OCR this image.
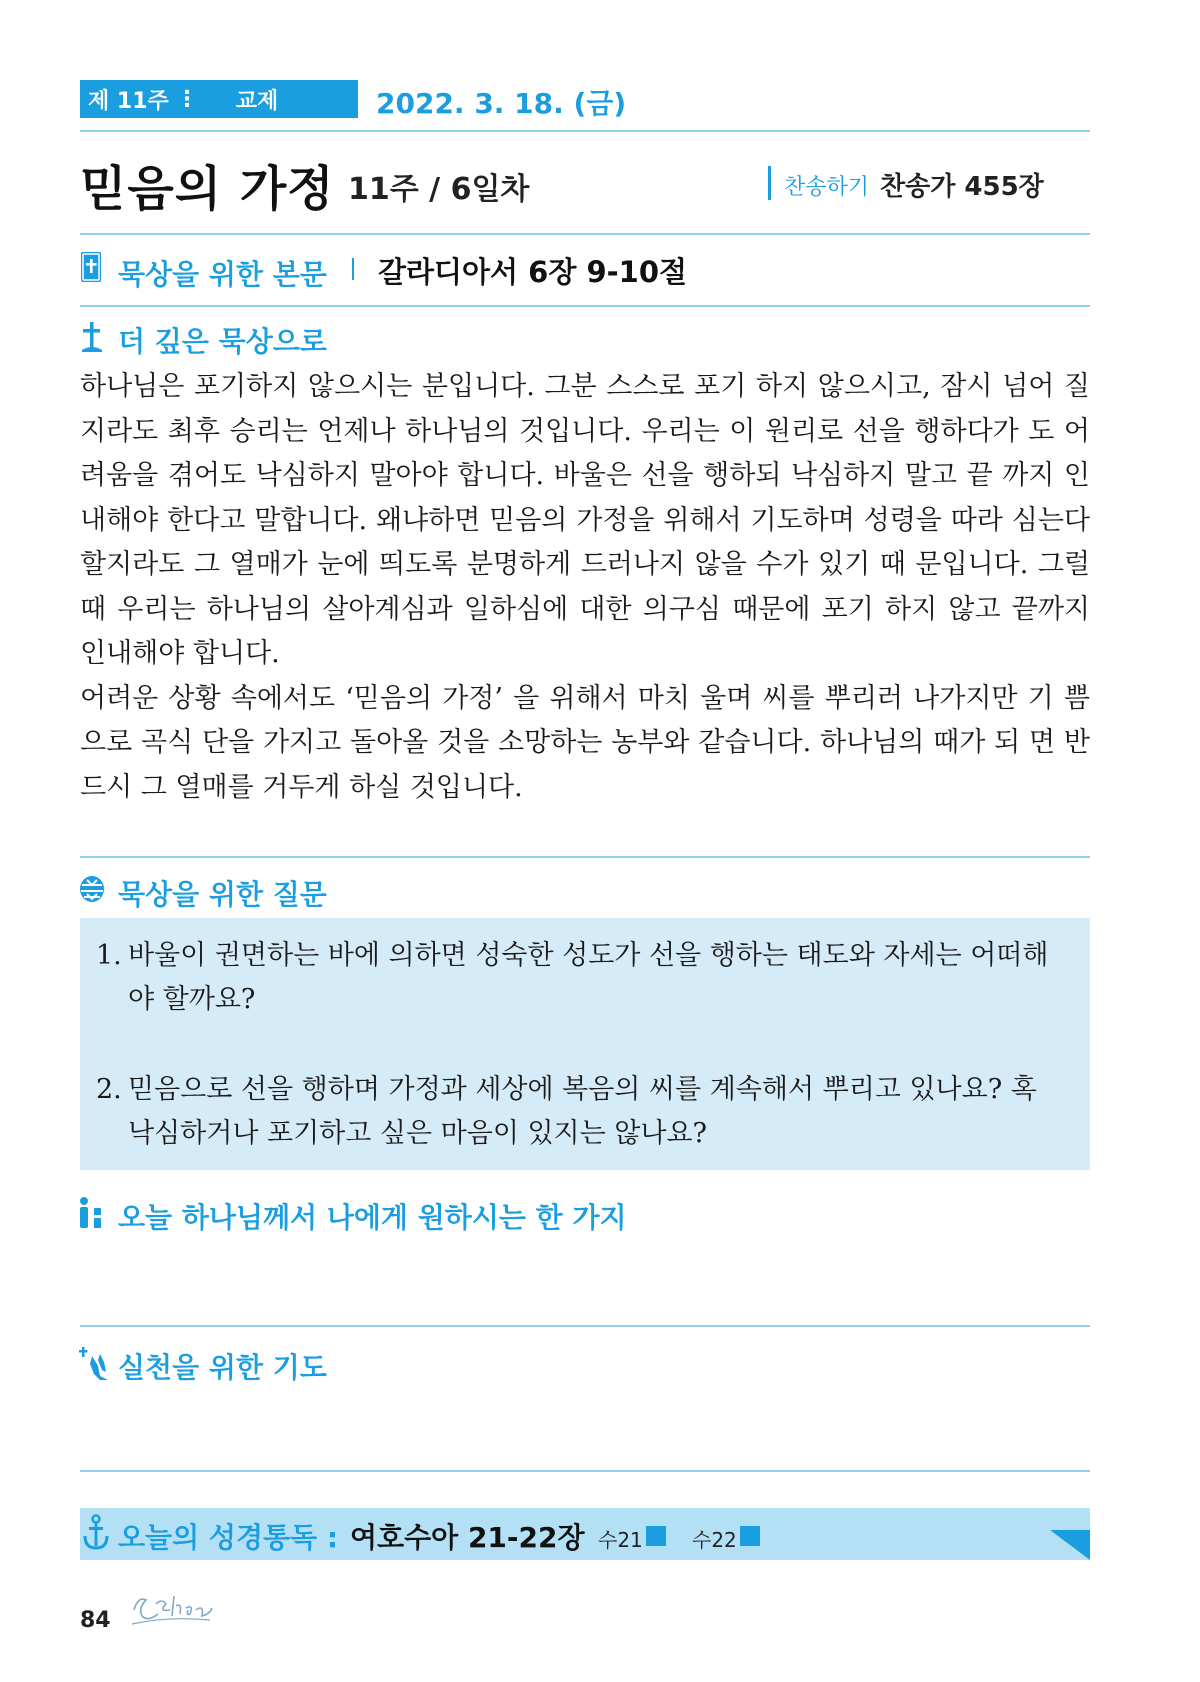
제 11주 ⋮	교제	2022. 3. 18. (금)
믿음의 가정 11주 / 6일차	찬송하기 찬송가 455장
묵상을 위한 본문 갈라디아서 6장 9-10절
더 깊은 묵상으로

하나님은 포기하지 않으시는 분입니다. 그분 스스로 포기 하지 않으시고, 잠시 넘어 질지라도 최후 승리는 언제나 하나님의 것입니다. 우리는 이 원리로 선을 행하다가 도 어려움을 겪어도 낙심하지 말아야 합니다. 바울은 선을 행하되 낙심하지 말고 끝 까지 인내해야 한다고 말합니다. 왜냐하면 믿음의 가정을 위해서 기도하며 성령을 따라 심는다 할지라도 그 열매가 눈에 띄도록 분명하게 드러나지 않을 수가 있기 때 문입니다. 그럴 때 우리는 하나님의 살아계심과 일하심에 대한 의구심 때문에 포기 하지 않고 끝까지 인내해야 합니다.

어려운 상황 속에서도 ‘믿음의 가정’ 을 위해서 마치 울며 씨를 뿌리러 나가지만 기 쁨으로 곡식 단을 가지고 돌아올 것을 소망하는 농부와 같습니다. 하나님의 때가 되 면 반드시 그 열매를 거두게 하실 것입니다.

묵상을 위한 질문
1. 바울이 권면하는 바에 의하면 성숙한 성도가 선을 행하는 태도와 자세는 어떠해야 할까요?
2. 믿음으로 선을 행하며 가정과 세상에 복음의 씨를 계속해서 뿌리고 있나요? 혹 낙심하거나 포기하고 싶은 마음이 있지는 않나요?
오늘 하나님께서 나에게 원하시는 한 가지
실천을 위한 기도
오늘의 성경통독 : 여호수아 21-22장 수21 수22
84
